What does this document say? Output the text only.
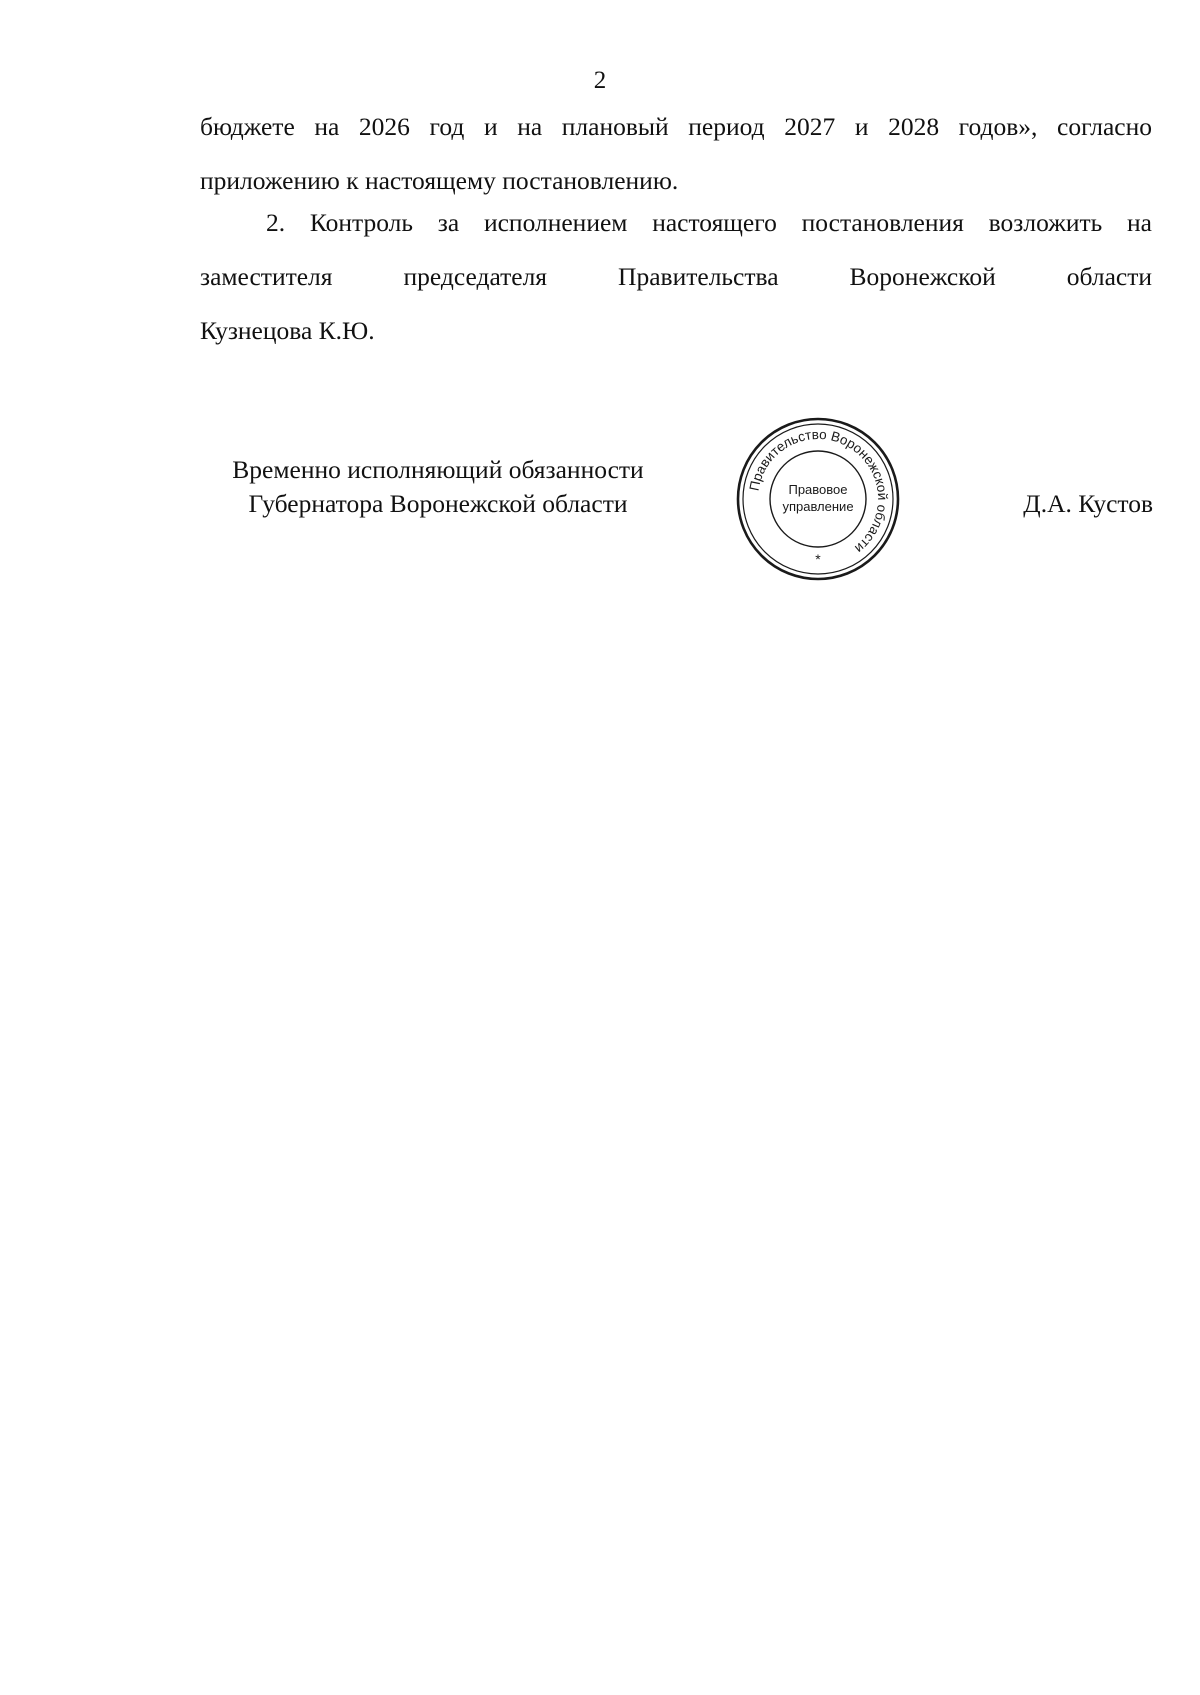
2
бюджете на 2026 год и на плановый период 2027 и 2028 годов», согласно
приложению к настоящему постановлению.
2. Контроль за исполнением настоящего постановления возложить на
заместителя председателя Правительства Воронежской области
Кузнецова К.Ю.
Временно исполняющий обязанности
Губернатора Воронежской области
Правительство Воронежской области
Правовое
управление
*
Д.А. Кустов
